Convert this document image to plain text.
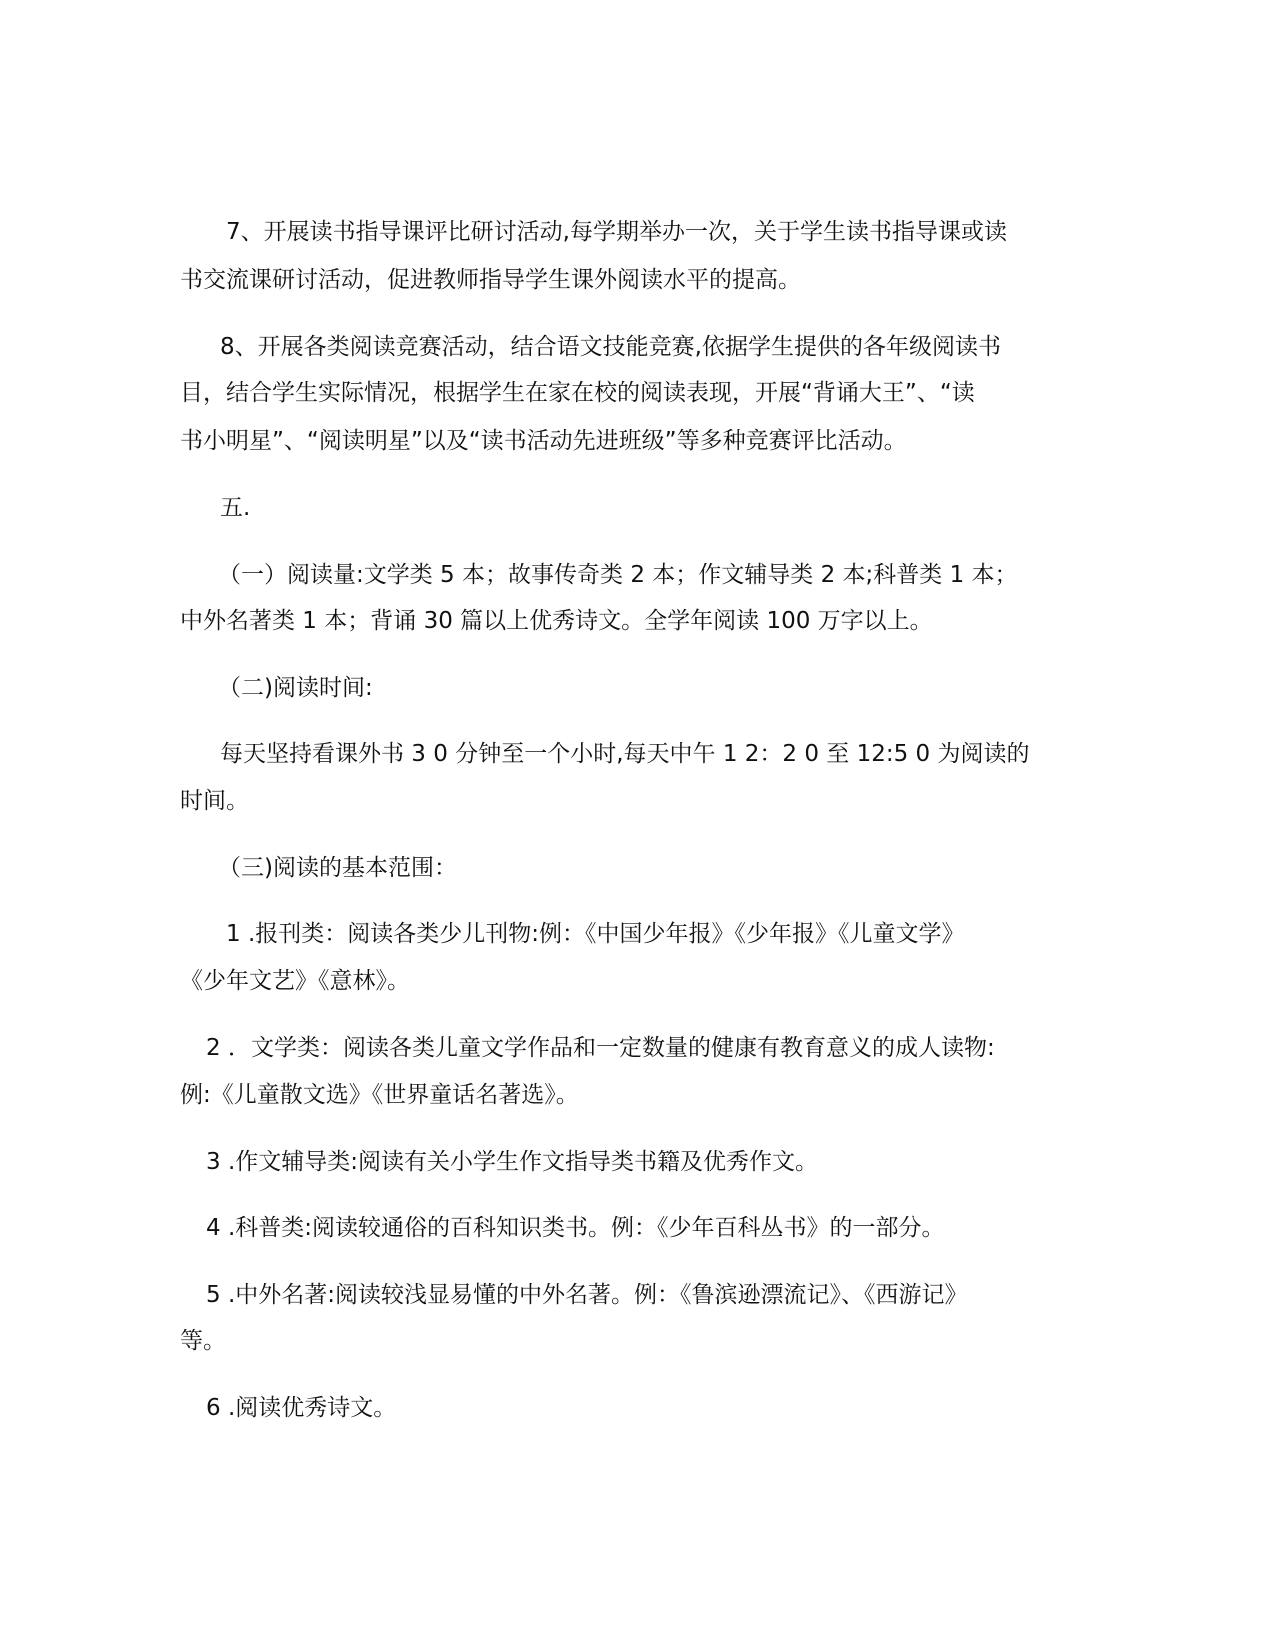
7、开展读书指导课评比研讨活动,每学期举办一次，关于学生读书指导课或读

书交流课研讨活动，促进教师指导学生课外阅读水平的提高。

8、开展各类阅读竞赛活动，结合语文技能竞赛,依据学生提供的各年级阅读书

目，结合学生实际情况，根据学生在家在校的阅读表现，开展“背诵大王”、“读

书小明星”、“阅读明星”以及“读书活动先进班级”等多种竞赛评比活动。

五.

（一）阅读量:文学类 5 本；故事传奇类 2 本；作文辅导类 2 本;科普类 1 本；

中外名著类 1 本；背诵 30 篇以上优秀诗文。全学年阅读 100 万字以上。

（二)阅读时间:

每天坚持看课外书 3 0 分钟至一个小时,每天中午 1 2：2 0 至 12:5 0 为阅读的

时间。

（三)阅读的基本范围：

1 .报刊类：阅读各类少儿刊物:例：《中国少年报》《少年报》《儿童文学》

《少年文艺》《意林》。

2 ．文学类：阅读各类儿童文学作品和一定数量的健康有教育意义的成人读物:

例:《儿童散文选》《世界童话名著选》。

3 .作文辅导类:阅读有关小学生作文指导类书籍及优秀作文。

4 .科普类:阅读较通俗的百科知识类书。例：《少年百科丛书》的一部分。

5 .中外名著:阅读较浅显易懂的中外名著。例：《鲁滨逊漂流记》、《西游记》

等。

6 .阅读优秀诗文。
